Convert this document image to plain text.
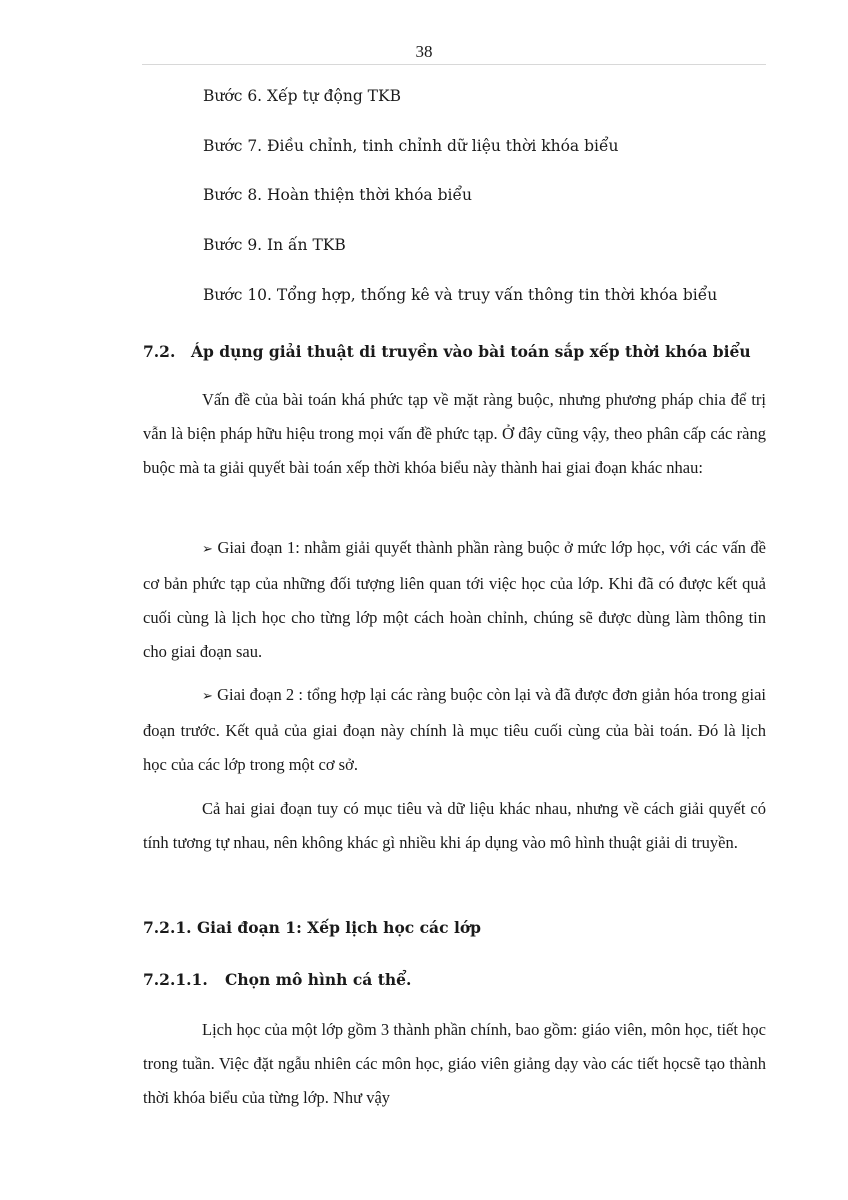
38
Bước 6. Xếp tự động TKB
Bước 7. Điều chỉnh, tinh chỉnh dữ liệu thời khóa biểu
Bước 8. Hoàn thiện thời khóa biểu
Bước 9. In ấn TKB
Bước 10. Tổng hợp, thống kê và truy vấn thông tin thời khóa biểu
7.2. Áp dụng giải thuật di truyền vào bài toán sắp xếp thời khóa biểu

Vấn đề của bài toán khá phức tạp về mặt ràng buộc, nhưng phương pháp chia để trị vẫn là biện pháp hữu hiệu trong mọi vấn đề phức tạp. Ở đây cũng vậy, theo phân cấp các ràng buộc mà ta giải quyết bài toán xếp thời khóa biểu này thành hai giai đoạn khác nhau:

➢ Giai đoạn 1: nhằm giải quyết thành phần ràng buộc ở mức lớp học, với các vấn đề cơ bản phức tạp của những đối tượng liên quan tới việc học của lớp. Khi đã có được kết quả cuối cùng là lịch học cho từng lớp một cách hoàn chỉnh, chúng sẽ được dùng làm thông tin cho giai đoạn sau.

➢ Giai đoạn 2 : tổng hợp lại các ràng buộc còn lại và đã được đơn giản hóa trong giai đoạn trước. Kết quả của giai đoạn này chính là mục tiêu cuối cùng của bài toán. Đó là lịch học của các lớp trong một cơ sở.

Cả hai giai đoạn tuy có mục tiêu và dữ liệu khác nhau, nhưng về cách giải quyết có tính tương tự nhau, nên không khác gì nhiều khi áp dụng vào mô hình thuật giải di truyền.

7.2.1. Giai đoạn 1: Xếp lịch học các lớp
7.2.1.1. Chọn mô hình cá thể.

Lịch học của một lớp gồm 3 thành phần chính, bao gồm: giáo viên, môn học, tiết học trong tuần. Việc đặt ngẫu nhiên các môn học, giáo viên giảng dạy vào các tiết họcsẽ tạo thành thời khóa biểu của từng lớp. Như vậy
